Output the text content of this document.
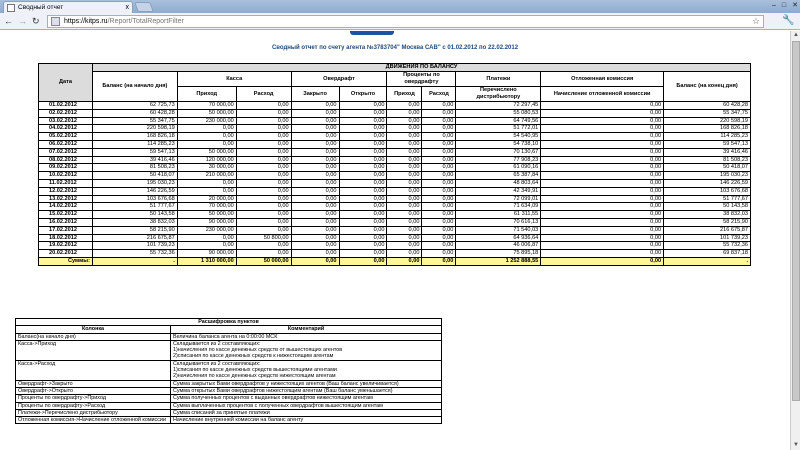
Сводный отчет	x	– □ ✕
← → ↻	https://kitps.ru/Report/TotalReportFilter	☆ 🔧
Сводный отчет по счету агента №3783704" Москва САВ" с 01.02.2012 по 22.02.2012
Дата	ДВИЖЕНИЯ ПО БАЛАНСУ									
	Баланс (на начало дня)	Касса		Овердрафт		Проценты по овердрафту		Платежи	Отложенная комиссия	Баланс (на конец дня)
		Приход	Расход	Закрыто	Открыто	Приход	Расход	Перечислено дистрибьютору	Начисление отложенной комиссии	
01.02.2012	62 725,73	70 000,00	0,00	0,00	0,00	0,00	0,00	72 297,45	0,00	60 428,28
02.02.2012	60 428,28	50 000,00	0,00	0,00	0,00	0,00	0,00	55 080,53	0,00	55 347,75
03.02.2012	55 347,75	230 000,00	0,00	0,00	0,00	0,00	0,00	64 749,56	0,00	220 598,19
04.02.2012	220 598,19	0,00	0,00	0,00	0,00	0,00	0,00	51 772,01	0,00	168 826,18
05.02.2012	168 826,18	0,00	0,00	0,00	0,00	0,00	0,00	54 540,95	0,00	114 285,23
06.02.2012	114 285,23	0,00	0,00	0,00	0,00	0,00	0,00	54 738,10	0,00	59 547,13
07.02.2012	59 547,13	50 000,00	0,00	0,00	0,00	0,00	0,00	70 130,67	0,00	39 416,46
08.02.2012	39 416,46	120 000,00	0,00	0,00	0,00	0,00	0,00	77 908,23	0,00	81 508,23
09.02.2012	81 508,23	30 000,00	0,00	0,00	0,00	0,00	0,00	61 090,16	0,00	50 418,07
10.02.2012	50 418,07	210 000,00	0,00	0,00	0,00	0,00	0,00	65 387,84	0,00	195 030,23
11.02.2012	195 030,23	0,00	0,00	0,00	0,00	0,00	0,00	48 803,64	0,00	146 226,59
12.02.2012	146 226,59	0,00	0,00	0,00	0,00	0,00	0,00	42 349,91	0,00	103 676,68
13.02.2012	103 676,68	20 000,00	0,00	0,00	0,00	0,00	0,00	72 099,01	0,00	51 777,67
14.02.2012	51 777,67	70 000,00	0,00	0,00	0,00	0,00	0,00	71 634,09	0,00	50 143,58
15.02.2012	50 143,58	50 000,00	0,00	0,00	0,00	0,00	0,00	61 311,55	0,00	38 832,03
16.02.2012	38 832,03	90 000,00	0,00	0,00	0,00	0,00	0,00	70 616,13	0,00	58 215,90
17.02.2012	58 215,90	230 000,00	0,00	0,00	0,00	0,00	0,00	71 540,03	0,00	216 675,87
18.02.2012	216 675,87	0,00	50 800,00	0,00	0,00	0,00	0,00	64 936,64	0,00	101 739,23
19.02.2012	101 739,23	0,00	0,00	0,00	0,00	0,00	0,00	46 006,87	0,00	55 732,36
20.02.2012	55 732,36	90 000,00	0,00	0,00	0,00	0,00	0,00	75 895,18	0,00	69 837,18
Суммы:	.	1 310 000,00	50 000,00	0,00	0,00	0,00	0,00	1 252 888,55	0,00	.
Расшифровка пунктов	
Колонка	Комментарий
Баланс(на начало дня)	Величина баланса агента на 0:00:00 МСК
Касса->Приход	Складывается из 2 составляющих:
1)начисления по кассе денежных средств от вышестоящих агентов
2)списания по кассе денежных средств к нижестоящим агентам
Касса->Расход	Складывается из 2 составляющих:
1)списания по кассе денежных средств вышестоящими агентами
2)начисления по кассе денежных средств нижестоящим агентам
Овердрафт->Закрыто	Сумма закрытых Вами овердрафтов у нижестоящих агентов (Ваш баланс увеличивается)
Овердрафт->Открыто	Сумма открытых Вами овердрафтов нижестоящим агентам (Ваш баланс уменьшается)
Проценты по овердрафту->Приход	Сумма полученных процентов с выданных овердрафтов нижестоящим агентам
Проценты по овердрафту->Расход	Сумма выплаченных процентов с полученных овердрафтов вышестоящим агентам
Платежи->Перечислено дистрибьютору	Сумма списаний за принятые платежи
Отложенная комиссия->Начисление отложенной комиссии	Начисление внутренней комиссии на баланс агенту
▲
▼
